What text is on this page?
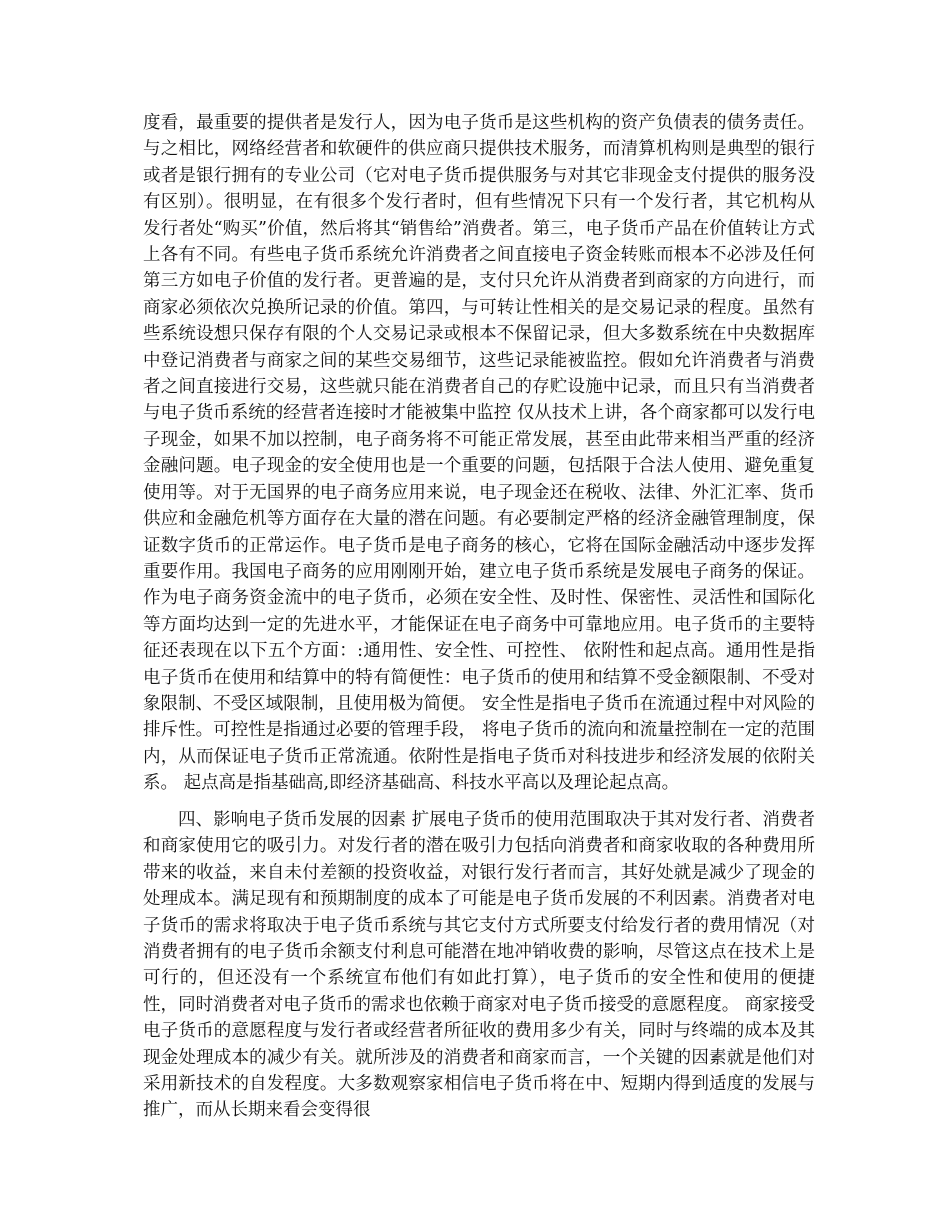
度看，最重要的提供者是发行人，因为电子货币是这些机构的资产负债表的债务责任。与之相比，网络经营者和软硬件的供应商只提供技术服务，而清算机构则是典型的银行或者是银行拥有的专业公司（它对电子货币提供服务与对其它非现金支付提供的服务没有区别）。很明显，在有很多个发行者时，但有些情况下只有一个发行者，其它机构从发行者处“购买”价值，然后将其“销售给”消费者。第三，电子货币产品在价值转让方式上各有不同。有些电子货币系统允许消费者之间直接电子资金转账而根本不必涉及任何第三方如电子价值的发行者。更普遍的是，支付只允许从消费者到商家的方向进行，而商家必须依次兑换所记录的价值。第四，与可转让性相关的是交易记录的程度。虽然有些系统设想只保存有限的个人交易记录或根本不保留记录，但大多数系统在中央数据库中登记消费者与商家之间的某些交易细节，这些记录能被监控。假如允许消费者与消费者之间直接进行交易，这些就只能在消费者自己的存贮设施中记录，而且只有当消费者与电子货币系统的经营者连接时才能被集中监控 仅从技术上讲，各个商家都可以发行电子现金，如果不加以控制，电子商务将不可能正常发展，甚至由此带来相当严重的经济金融问题。电子现金的安全使用也是一个重要的问题，包括限于合法人使用、避免重复使用等。对于无国界的电子商务应用来说，电子现金还在税收、法律、外汇汇率、货币供应和金融危机等方面存在大量的潜在问题。有必要制定严格的经济金融管理制度，保证数字货币的正常运作。电子货币是电子商务的核心，它将在国际金融活动中逐步发挥重要作用。我国电子商务的应用刚刚开始，建立电子货币系统是发展电子商务的保证。作为电子商务资金流中的电子货币，必须在安全性、及时性、保密性、灵活性和国际化等方面均达到一定的先进水平，才能保证在电子商务中可靠地应用。电子货币的主要特征还表现在以下五个方面：:通用性、安全性、可控性、 依附性和起点高。通用性是指电子货币在使用和结算中的特有简便性：电子货币的使用和结算不受金额限制、不受对象限制、不受区域限制，且使用极为简便。 安全性是指电子货币在流通过程中对风险的排斥性。可控性是指通过必要的管理手段， 将电子货币的流向和流量控制在一定的范围内，从而保证电子货币正常流通。依附性是指电子货币对科技进步和经济发展的依附关系。 起点高是指基础高,即经济基础高、科技水平高以及理论起点高。

四、影响电子货币发展的因素 扩展电子货币的使用范围取决于其对发行者、消费者和商家使用它的吸引力。对发行者的潜在吸引力包括向消费者和商家收取的各种费用所带来的收益，来自未付差额的投资收益，对银行发行者而言，其好处就是减少了现金的处理成本。满足现有和预期制度的成本了可能是电子货币发展的不利因素。消费者对电子货币的需求将取决于电子货币系统与其它支付方式所要支付给发行者的费用情况（对消费者拥有的电子货币余额支付利息可能潜在地冲销收费的影响，尽管这点在技术上是可行的，但还没有一个系统宣布他们有如此打算），电子货币的安全性和使用的便捷性，同时消费者对电子货币的需求也依赖于商家对电子货币接受的意愿程度。 商家接受电子货币的意愿程度与发行者或经营者所征收的费用多少有关，同时与终端的成本及其现金处理成本的减少有关。就所涉及的消费者和商家而言，一个关键的因素就是他们对采用新技术的自发程度。大多数观察家相信电子货币将在中、短期内得到适度的发展与推广，而从长期来看会变得很
